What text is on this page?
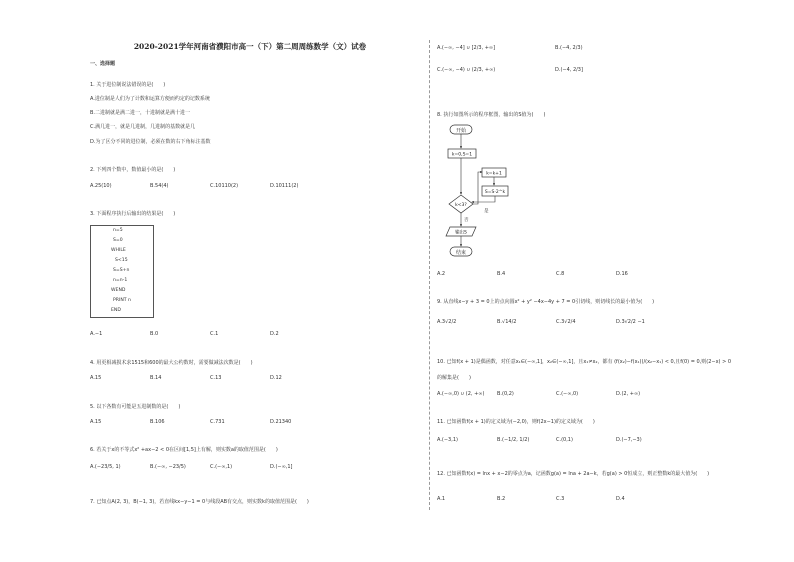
2020-2021学年河南省濮阳市高一（下）第二周周练数学（文）试卷
一、选择题
1. 关于进位制说法错误的是(　　)
A.进位制是人们为了计数和运算方便而约定的记数系统
B.二进制就是满二进一，十进制就是满十进一
C.满几进一，就是几进制，几进制的基数就是几
D.为了区分不同的进位制，必须在数的右下角标注基数
2. 下列四个数中，数值最小的是(　　)
A.25(10)	B.54(4)	C.10110(2)	D.10111(2)
3. 下面程序执行后输出的结果是(　　)
n=5
S=0
WHILE
S<15
S=S+n
n=n-1
WEND
PRINT n
END
A.−1	B.0	C.1	D.2
4. 用更相减损术求1515和600的最大公约数时，需要做减法次数是(　　)
A.15	B.14	C.13	D.12
5. 以下各数有可能是五进制数的是(　　)
A.15	B.106	C.731	D.21340
6. 若关于x的不等式x² +ax−2 < 0在区间[1,5]上有解，则实数a的取值范围是(　　)
A.(−23/5, 1)	B.(−∞, −23/5)	C.(−∞,1)	D.(−∞,1]
7. 已知点A(2, 3)，B(−1, 3)，若直线kx−y−1 = 0与线段AB有交点，则实数k的取值范围是(　　)
A.(−∞, −4] ∪ [2/3, +∞]	B.(−4, 2/3)
C.(−∞, −4) ∪ (2/3, +∞)	D.(−4, 2/3]
8. 执行如图所示的程序框图，输出的S值为(　　)
开始
k=0,S=1
k=k+1
S=S·2^k
k<3?
是
否
输出S
结束
A.2	B.4	C.8	D.16
9. 从直线x−y + 3 = 0上的点向圆x² + y² −4x−4y + 7 = 0引切线，则切线长的最小值为(　　)
A.3√2/2	B.√14/2	C.3√2/4	D.3√2/2 −1
10. 已知f(x + 1)是偶函数，对任意x₁∈(−∞,1]，x₂∈(−∞,1]，且x₁≠x₂，都有 (f(x₂)−f(x₁))/(x₂−x₁) < 0,且f(0) = 0,则(2−x) > 0
的解集是(　　)
A.(−∞,0) ∪ (2, +∞)	B.(0,2)	C.(−∞,0)	D.(2, +∞)
11. 已知函数f(x + 1)的定义域为(−2,0)，则f(2x−1)的定义域为(　　)
A.(−3,1)	B.(−1/2, 1/2)	C.(0,1)	D.(−7,−3)
12. 已知函数f(x) = lnx + x−2的零点为a，记函数g(a) = lna + 2a−k，若g(a) > 0恒成立，则正整数k的最大值为(　　)
A.1	B.2	C.3	D.4
